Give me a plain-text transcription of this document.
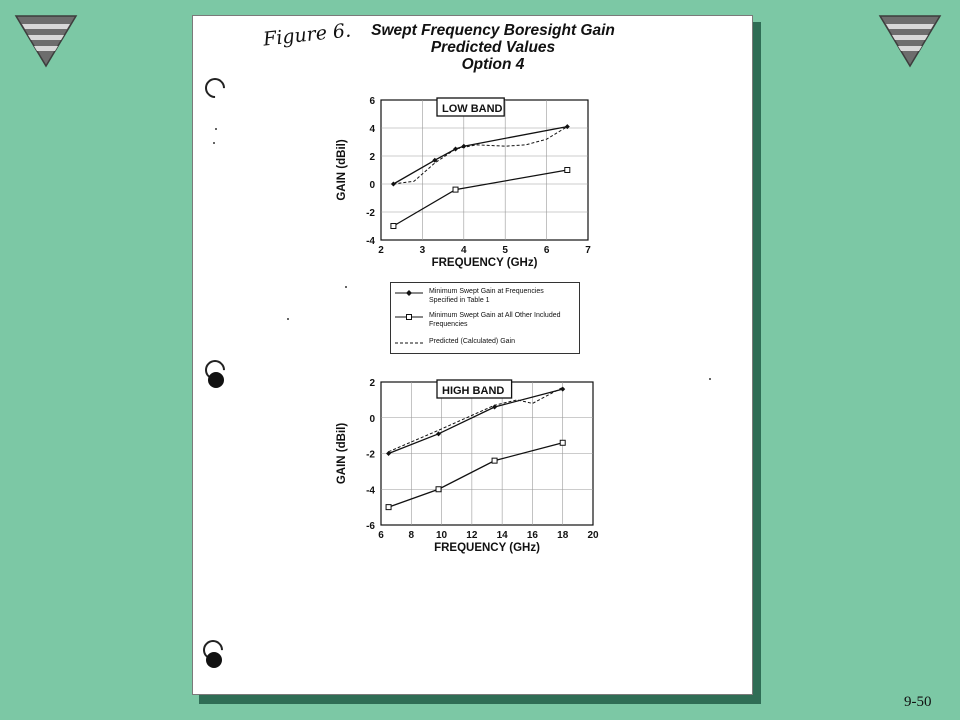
Figure 6.	Swept Frequency Boresight Gain
Predicted Values
Option 4
-4
-2
0
2
4
6
2	3	4	5	6	7
FREQUENCY (GHz)
GAIN (dBil)
LOW BAND
Minimum Swept Gain at Frequencies Specified in Table 1
Minimum Swept Gain at All Other Included Frequencies
Predicted (Calculated) Gain
-6
-4
-2
0
2
6 8 10 12 14 16 18 20
FREQUENCY (GHz)
GAIN (dBil)
HIGH BAND
9-50
